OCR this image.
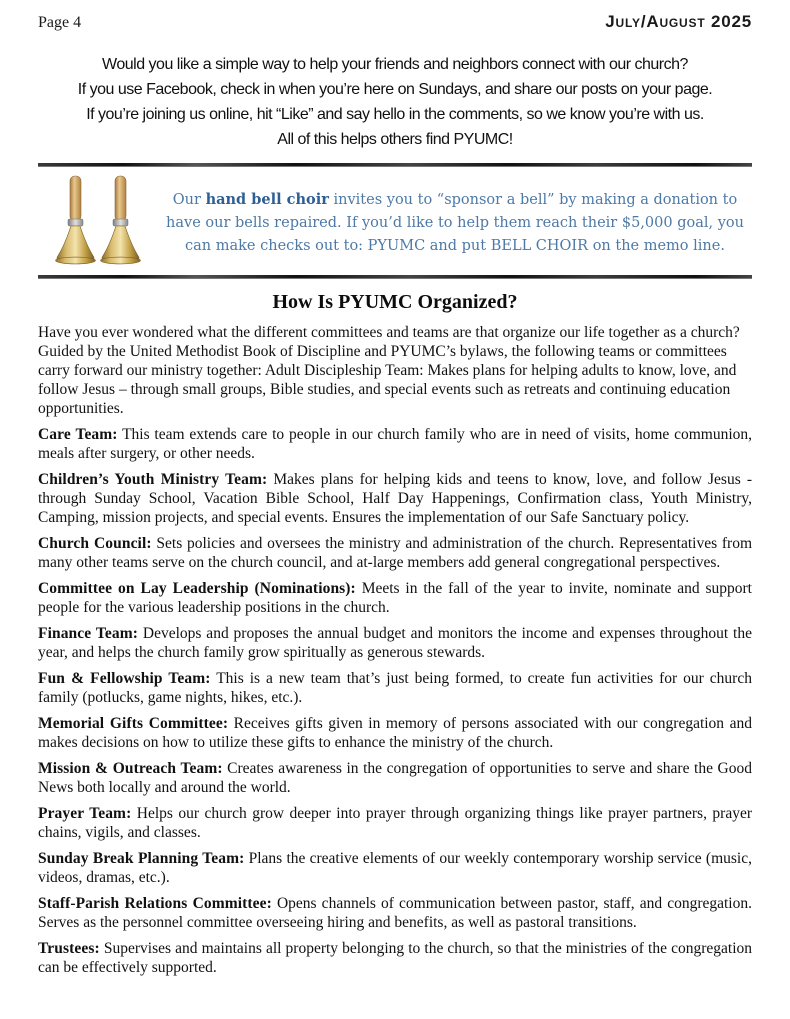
Page 4	July/August 2025
Would you like a simple way to help your friends and neighbors connect with our church?
If you use Facebook, check in when you’re here on Sundays, and share our posts on your page.
If you’re joining us online, hit “Like” and say hello in the comments, so we know you’re with us.
All of this helps others find PYUMC!
Our hand bell choir invites you to “sponsor a bell” by making a donation to have our bells repaired. If you’d like to help them reach their $5,000 goal, you can make checks out to: PYUMC and put BELL CHOIR on the memo line.
How Is PYUMC Organized?

Have you ever wondered what the different committees and teams are that organize our life together as a church? Guided by the United Methodist Book of Discipline and PYUMC’s bylaws, the following teams or committees carry forward our ministry together: Adult Discipleship Team: Makes plans for helping adults to know, love, and follow Jesus – through small groups, Bible studies, and special events such as retreats and continuing education opportunities.

Care Team: This team extends care to people in our church family who are in need of visits, home communion, meals after surgery, or other needs.

Children’s Youth Ministry Team: Makes plans for helping kids and teens to know, love, and follow Jesus - through Sunday School, Vacation Bible School, Half Day Happenings, Confirmation class, Youth Ministry, Camping, mission projects, and special events. Ensures the implementation of our Safe Sanctuary policy.

Church Council: Sets policies and oversees the ministry and administration of the church. Representatives from many other teams serve on the church council, and at-large members add general congregational perspectives.

Committee on Lay Leadership (Nominations): Meets in the fall of the year to invite, nominate and support people for the various leadership positions in the church.

Finance Team: Develops and proposes the annual budget and monitors the income and expenses throughout the year, and helps the church family grow spiritually as generous stewards.

Fun & Fellowship Team: This is a new team that’s just being formed, to create fun activities for our church family (potlucks, game nights, hikes, etc.).

Memorial Gifts Committee: Receives gifts given in memory of persons associated with our congregation and makes decisions on how to utilize these gifts to enhance the ministry of the church.

Mission & Outreach Team: Creates awareness in the congregation of opportunities to serve and share the Good News both locally and around the world.

Prayer Team: Helps our church grow deeper into prayer through organizing things like prayer partners, prayer chains, vigils, and classes.

Sunday Break Planning Team: Plans the creative elements of our weekly contemporary worship service (music, videos, dramas, etc.).

Staff-Parish Relations Committee: Opens channels of communication between pastor, staff, and congregation. Serves as the personnel committee overseeing hiring and benefits, as well as pastoral transitions.

Trustees: Supervises and maintains all property belonging to the church, so that the ministries of the congregation can be effectively supported.
